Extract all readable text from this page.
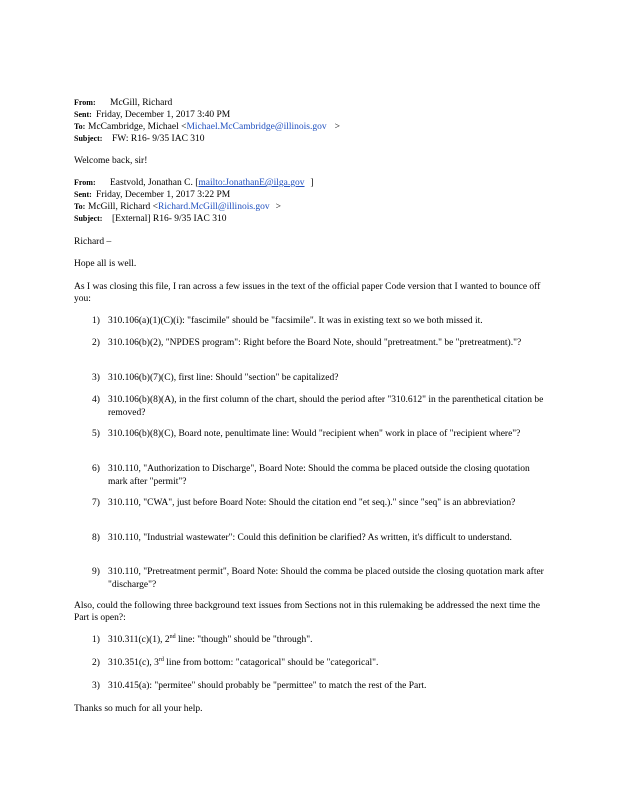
From: McGill, Richard
Sent: Friday, December 1, 2017 3:40 PM
To: McCambridge, Michael <Michael.McCambridge@illinois.gov >
Subject: FW: R16- 9/35 IAC 310
Welcome back, sir!
From: Eastvold, Jonathan C. [mailto:JonathanE@ilga.gov ]
Sent: Friday, December 1, 2017 3:22 PM
To: McGill, Richard <Richard.McGill@illinois.gov >
Subject: [External] R16- 9/35 IAC 310
Richard –
Hope all is well.
As I was closing this file, I ran across a few issues in the text of the official paper Code version that I wanted to bounce off you:
1) 310.106(a)(1)(C)(i): "fascimile" should be "facsimile". It was in existing text so we both missed it.
2) 310.106(b)(2), "NPDES program": Right before the Board Note, should "pretreatment." be "pretreatment)."?
3) 310.106(b)(7)(C), first line: Should "section" be capitalized?
4) 310.106(b)(8)(A), in the first column of the chart, should the period after "310.612" in the parenthetical citation be removed?
5) 310.106(b)(8)(C), Board note, penultimate line: Would "recipient when" work in place of "recipient where"?
6) 310.110, "Authorization to Discharge", Board Note: Should the comma be placed outside the closing quotation mark after "permit"?
7) 310.110, "CWA", just before Board Note: Should the citation end "et seq.)." since "seq" is an abbreviation?
8) 310.110, "Industrial wastewater": Could this definition be clarified? As written, it's difficult to understand.
9) 310.110, "Pretreatment permit", Board Note: Should the comma be placed outside the closing quotation mark after "discharge"?
Also, could the following three background text issues from Sections not in this rulemaking be addressed the next time the Part is open?:
1) 310.311(c)(1), 2nd line: "though" should be "through".
2) 310.351(c), 3rd line from bottom: "catagorical" should be "categorical".
3) 310.415(a): "permitee" should probably be "permittee" to match the rest of the Part.
Thanks so much for all your help.
